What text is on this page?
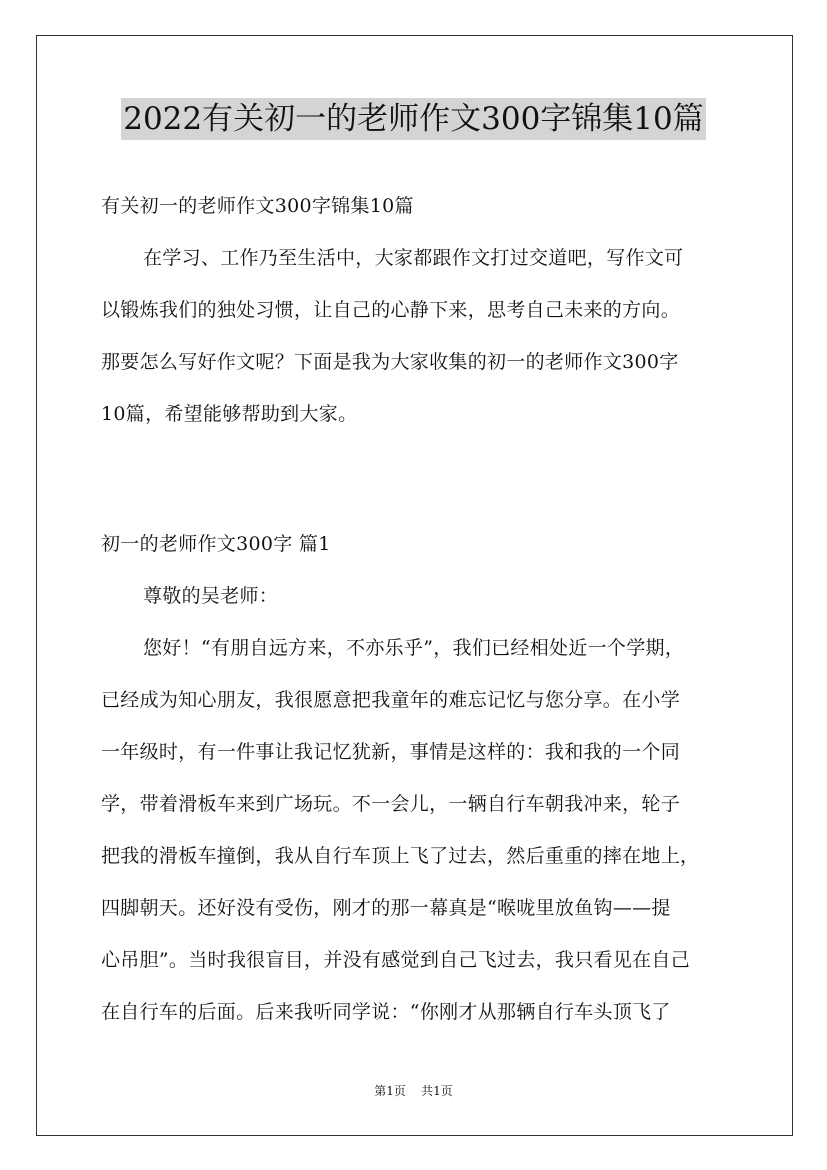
2022有关初一的老师作文300字锦集10篇
有关初一的老师作文300字锦集10篇
在学习、工作乃至生活中，大家都跟作文打过交道吧，写作文可
以锻炼我们的独处习惯，让自己的心静下来，思考自己未来的方向。
那要怎么写好作文呢？下面是我为大家收集的初一的老师作文300字
10篇，希望能够帮助到大家。
初一的老师作文300字 篇1
尊敬的吴老师：
您好！“有朋自远方来，不亦乐乎”，我们已经相处近一个学期，
已经成为知心朋友，我很愿意把我童年的难忘记忆与您分享。在小学
一年级时，有一件事让我记忆犹新，事情是这样的：我和我的一个同
学，带着滑板车来到广场玩。不一会儿，一辆自行车朝我冲来，轮子
把我的滑板车撞倒，我从自行车顶上飞了过去，然后重重的摔在地上，
四脚朝天。还好没有受伤，刚才的那一幕真是“喉咙里放鱼钩——提
心吊胆”。当时我很盲目，并没有感觉到自己飞过去，我只看见在自己
在自行车的后面。后来我听同学说：“你刚才从那辆自行车头顶飞了
第1页 共1页
